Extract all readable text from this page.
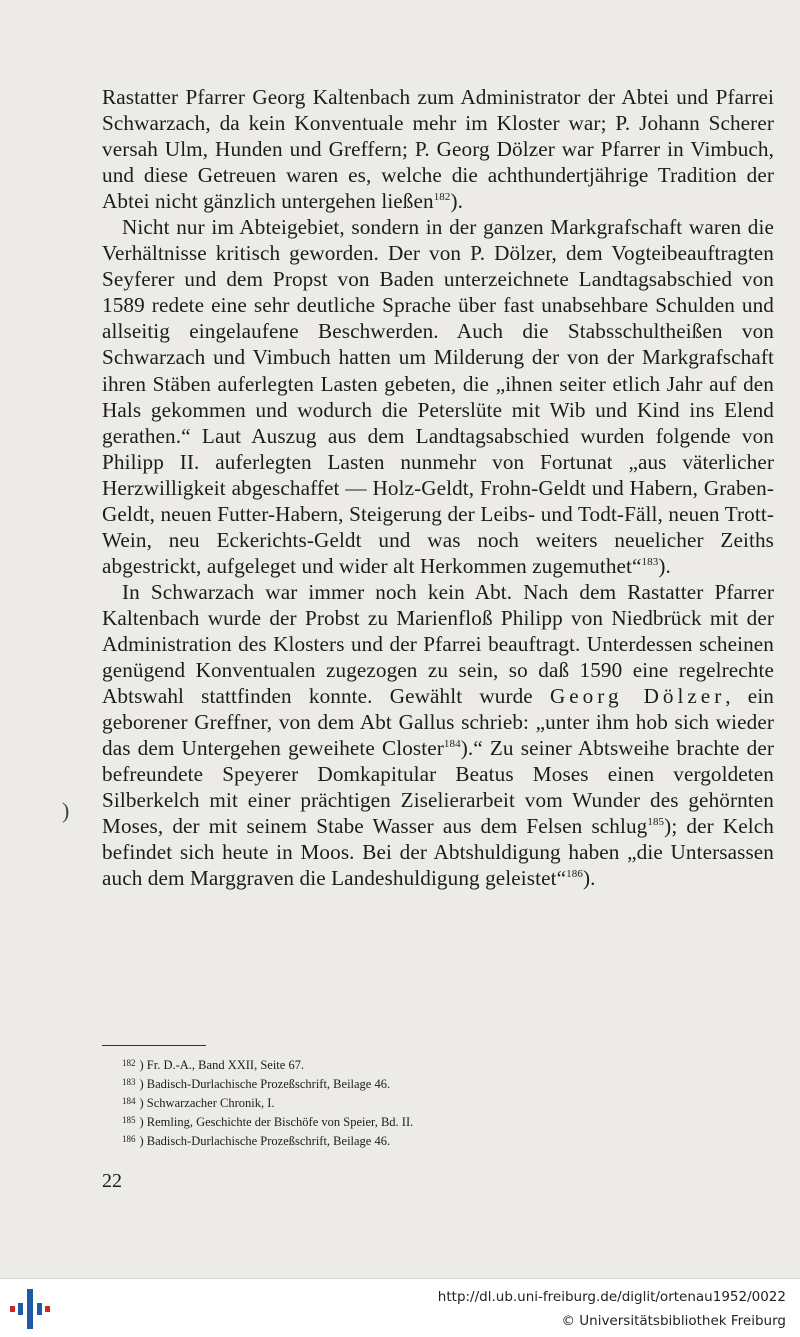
Rastatter Pfarrer Georg Kaltenbach zum Administrator der Abtei und Pfarrei Schwarzach, da kein Konventuale mehr im Kloster war; P. Johann Scherer versah Ulm, Hunden und Greffern; P. Georg Dölzer war Pfarrer in Vimbuch, und diese Getreuen waren es, welche die achthundertjährige Tradition der Abtei nicht gänzlich untergehen ließen$^{182}$).

Nicht nur im Abteigebiet, sondern in der ganzen Markgrafschaft waren die Verhältnisse kritisch geworden. Der von P. Dölzer, dem Vogteibeauftragten Seyferer und dem Propst von Baden unterzeichnete Landtagsabschied von 1589 redete eine sehr deutliche Sprache über fast unabsehbare Schulden und allseitig eingelaufene Beschwerden. Auch die Stabsschultheißen von Schwarzach und Vimbuch hatten um Milderung der von der Markgrafschaft ihren Stäben auferlegten Lasten gebeten, die „ihnen seiter etlich Jahr auf den Hals gekommen und wodurch die Peterslüte mit Wib und Kind ins Elend gerathen.“ Laut Auszug aus dem Landtagsabschied wurden folgende von Philipp II. auferlegten Lasten nunmehr von Fortunat „aus väterlicher Herzwilligkeit abgeschaffet — Holz-Geldt, Frohn-Geldt und Habern, Graben-Geldt, neuen Futter-Habern, Steigerung der Leibs- und Todt-Fäll, neuen Trott-Wein, neu Eckerichts-Geldt und was noch weiters neuelicher Zeiths abgestrickt, aufgeleget und wider alt Herkommen zugemuthet“$^{183}$).

In Schwarzach war immer noch kein Abt. Nach dem Rastatter Pfarrer Kaltenbach wurde der Probst zu Marienfloß Philipp von Niedbrück mit der Administration des Klosters und der Pfarrei beauftragt. Unterdessen scheinen genügend Konventualen zugezogen zu sein, so daß 1590 eine regelrechte Abtswahl stattfinden konnte. Gewählt wurde Georg Dölzer, ein geborener Greffner, von dem Abt Gallus schrieb: „unter ihm hob sich wieder das dem Untergehen geweihete Closter$^{184}$).“ Zu seiner Abtsweihe brachte der befreundete Speyerer Domkapitular Beatus Moses einen vergoldeten Silberkelch mit einer prächtigen Ziselierarbeit vom Wunder des gehörnten Moses, der mit seinem Stabe Wasser aus dem Felsen schlug$^{185}$); der Kelch befindet sich heute in Moos. Bei der Abtshuldigung haben „die Untersassen auch dem Marggraven die Landeshuldigung geleistet“$^{186}$).

)
$^{182}$ ) Fr. D.-A., Band XXII, Seite 67.
$^{183}$ ) Badisch-Durlachische Prozeßschrift, Beilage 46.
$^{184}$ ) Schwarzacher Chronik, I.
$^{185}$ ) Remling, Geschichte der Bischöfe von Speier, Bd. II.
$^{186}$ ) Badisch-Durlachische Prozeßschrift, Beilage 46.
22
http://dl.ub.uni-freiburg.de/diglit/ortenau1952/0022
© Universitätsbibliothek Freiburg
